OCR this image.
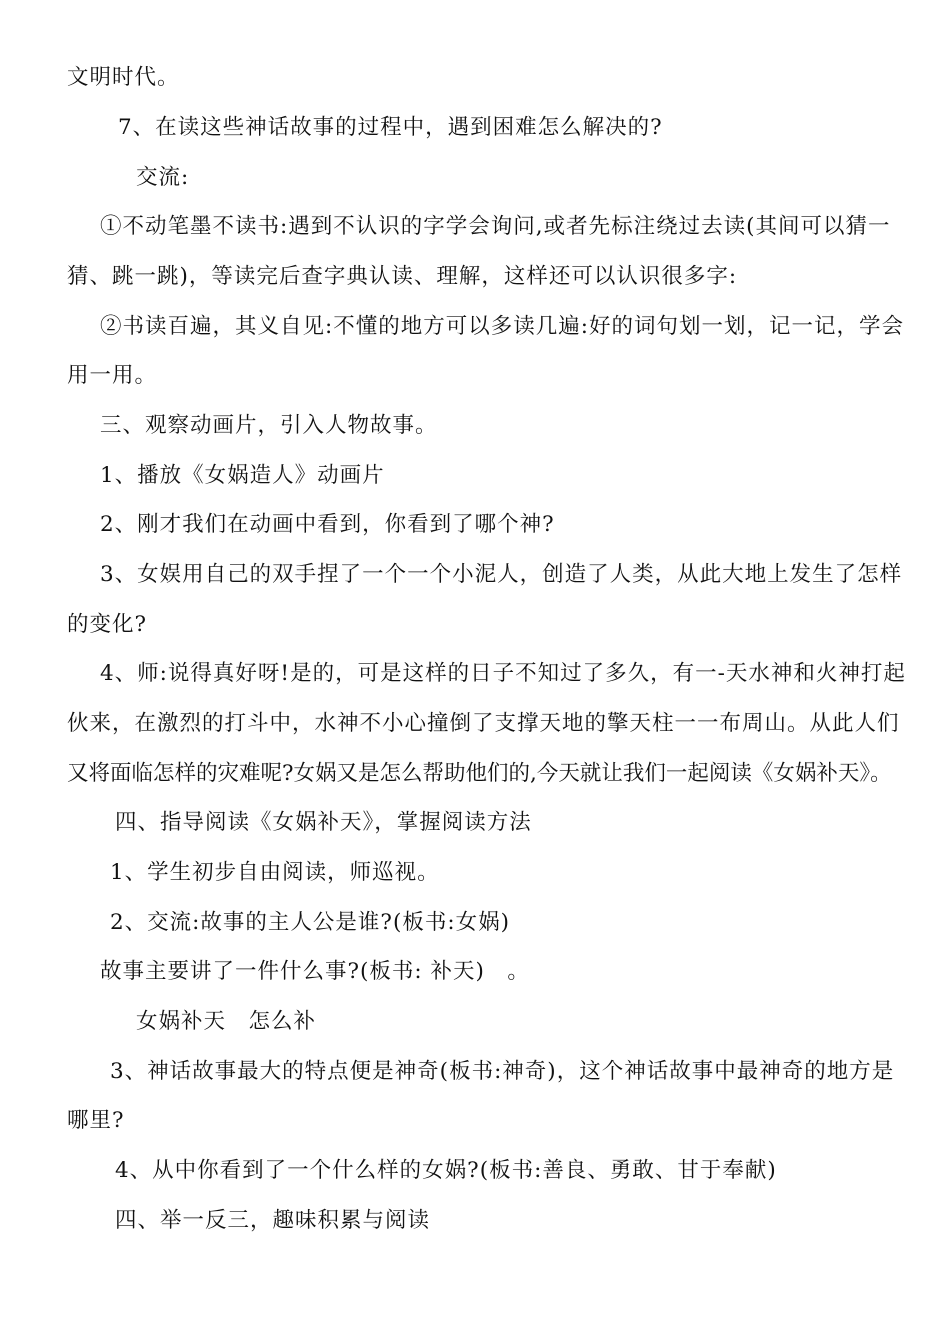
文明时代。
7、在读这些神话故事的过程中，遇到困难怎么解决的?
交流:
①不动笔墨不读书:遇到不认识的字学会询问,或者先标注绕过去读(其间可以猜一
猜、跳一跳)，等读完后查字典认读、理解，这样还可以认识很多字:
②书读百遍，其义自见:不懂的地方可以多读几遍:好的词句划一划，记一记，学会
用一用。
三、观察动画片，引入人物故事。
1、播放《女娲造人》动画片
2、刚才我们在动画中看到，你看到了哪个神?
3、女娱用自己的双手捏了一个一个小泥人，创造了人类，从此大地上发生了怎样
的变化?
4、师:说得真好呀!是的，可是这样的日子不知过了多久，有一-天水神和火神打起
伙来，在激烈的打斗中，水神不小心撞倒了支撑天地的擎天柱一一布周山。从此人们
又将面临怎样的灾难呢?女娲又是怎么帮助他们的,今天就让我们一起阅读《女娲补天》。
四、指导阅读《女娲补天》，掌握阅读方法
1、学生初步自由阅读，师巡视。
2、交流:故事的主人公是谁?(板书:女娲)
故事主要讲了一件什么事?(板书: 补天)　。
女娲补天　怎么补
3、神话故事最大的特点便是神奇(板书:神奇)，这个神话故事中最神奇的地方是
哪里?
4、从中你看到了一个什么样的女娲?(板书:善良、勇敢、甘于奉献)
四、举一反三，趣味积累与阅读
